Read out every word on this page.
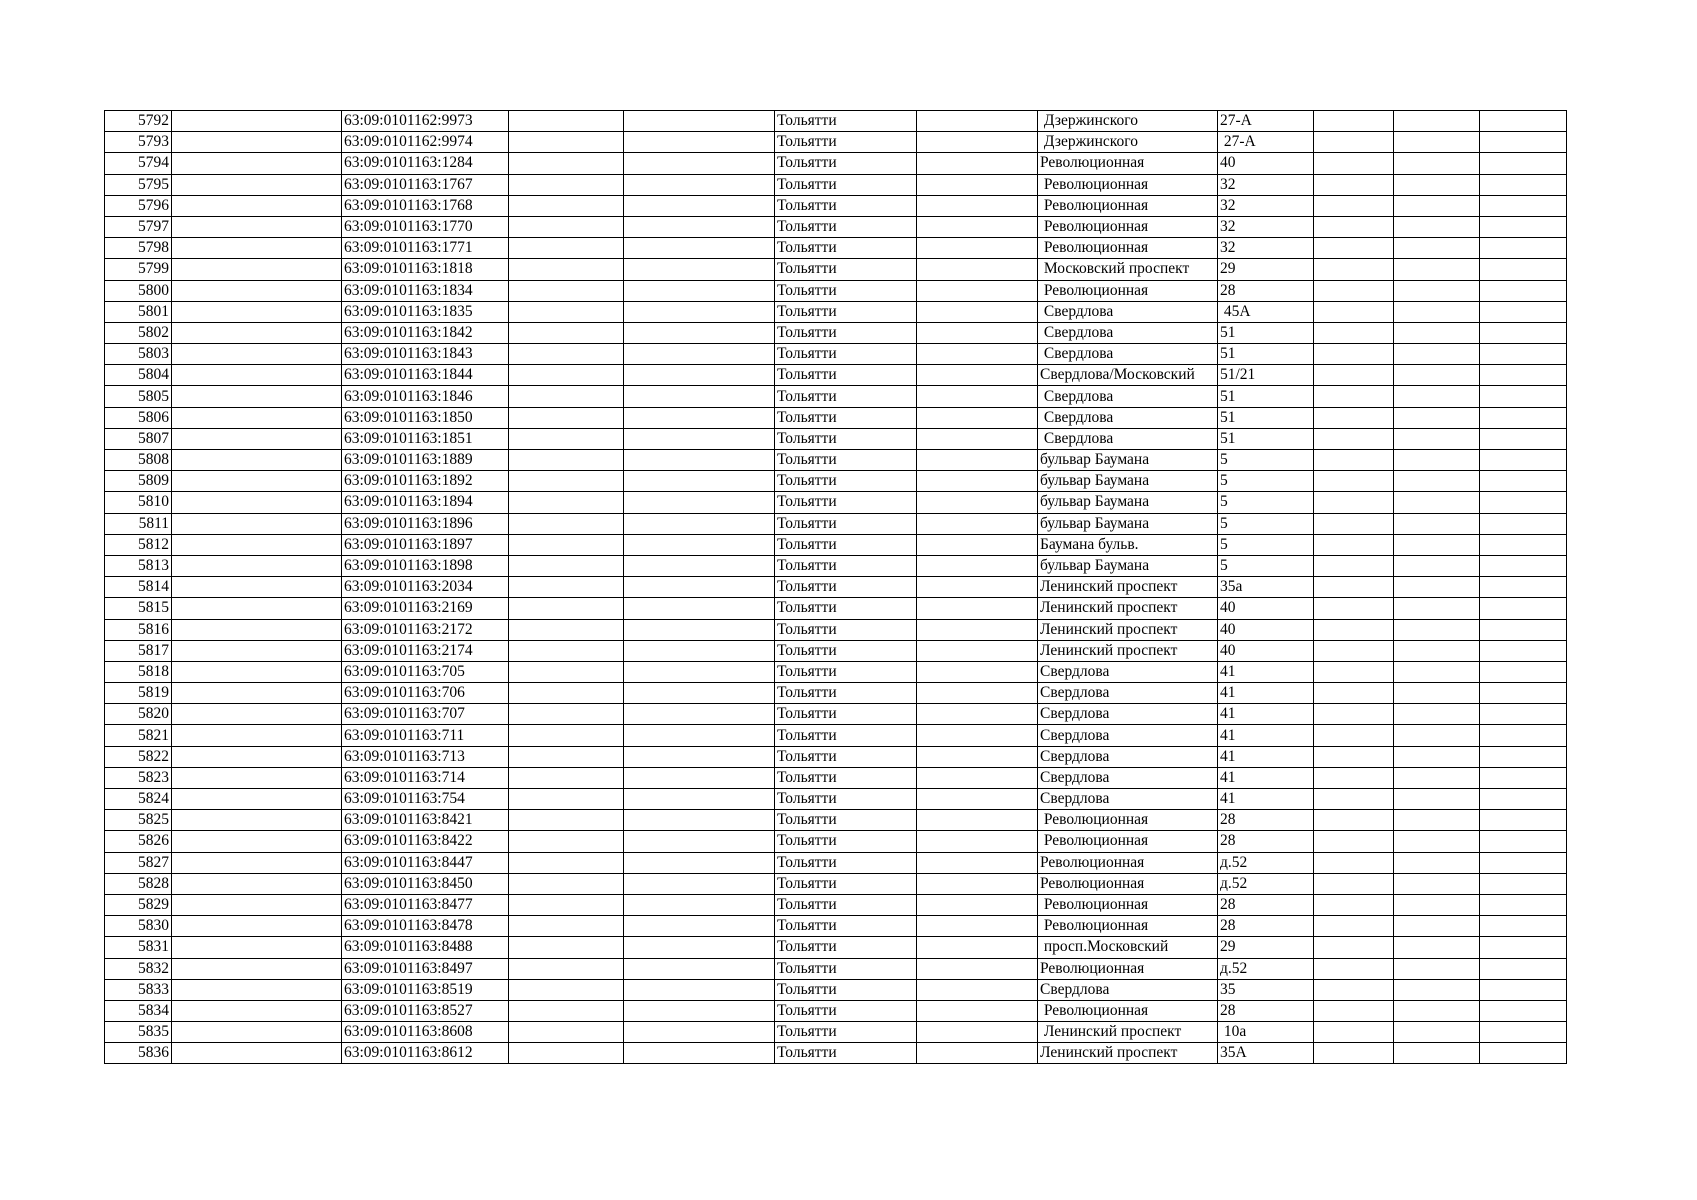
5792		63:09:0101162:9973			Тольятти		Дзержинского	27-А			
5793		63:09:0101162:9974			Тольятти		Дзержинского	27-А			
5794		63:09:0101163:1284			Тольятти		Революционная	40			
5795		63:09:0101163:1767			Тольятти		Революционная	32			
5796		63:09:0101163:1768			Тольятти		Революционная	32			
5797		63:09:0101163:1770			Тольятти		Революционная	32			
5798		63:09:0101163:1771			Тольятти		Революционная	32			
5799		63:09:0101163:1818			Тольятти		Московский проспект	29			
5800		63:09:0101163:1834			Тольятти		Революционная	28			
5801		63:09:0101163:1835			Тольятти		Свердлова	45А			
5802		63:09:0101163:1842			Тольятти		Свердлова	51			
5803		63:09:0101163:1843			Тольятти		Свердлова	51			
5804		63:09:0101163:1844			Тольятти		Свердлова/Московский	51/21			
5805		63:09:0101163:1846			Тольятти		Свердлова	51			
5806		63:09:0101163:1850			Тольятти		Свердлова	51			
5807		63:09:0101163:1851			Тольятти		Свердлова	51			
5808		63:09:0101163:1889			Тольятти		бульвар Баумана	5			
5809		63:09:0101163:1892			Тольятти		бульвар Баумана	5			
5810		63:09:0101163:1894			Тольятти		бульвар Баумана	5			
5811		63:09:0101163:1896			Тольятти		бульвар Баумана	5			
5812		63:09:0101163:1897			Тольятти		Баумана бульв.	5			
5813		63:09:0101163:1898			Тольятти		бульвар Баумана	5			
5814		63:09:0101163:2034			Тольятти		Ленинский проспект	35а			
5815		63:09:0101163:2169			Тольятти		Ленинский проспект	40			
5816		63:09:0101163:2172			Тольятти		Ленинский проспект	40			
5817		63:09:0101163:2174			Тольятти		Ленинский проспект	40			
5818		63:09:0101163:705			Тольятти		Свердлова	41			
5819		63:09:0101163:706			Тольятти		Свердлова	41			
5820		63:09:0101163:707			Тольятти		Свердлова	41			
5821		63:09:0101163:711			Тольятти		Свердлова	41			
5822		63:09:0101163:713			Тольятти		Свердлова	41			
5823		63:09:0101163:714			Тольятти		Свердлова	41			
5824		63:09:0101163:754			Тольятти		Свердлова	41			
5825		63:09:0101163:8421			Тольятти		Революционная	28			
5826		63:09:0101163:8422			Тольятти		Революционная	28			
5827		63:09:0101163:8447			Тольятти		Революционная	д.52			
5828		63:09:0101163:8450			Тольятти		Революционная	д.52			
5829		63:09:0101163:8477			Тольятти		Революционная	28			
5830		63:09:0101163:8478			Тольятти		Революционная	28			
5831		63:09:0101163:8488			Тольятти		просп.Московский	29			
5832		63:09:0101163:8497			Тольятти		Революционная	д.52			
5833		63:09:0101163:8519			Тольятти		Свердлова	35			
5834		63:09:0101163:8527			Тольятти		Революционная	28			
5835		63:09:0101163:8608			Тольятти		Ленинский проспект	10а			
5836		63:09:0101163:8612			Тольятти		Ленинский проспект	35А			
